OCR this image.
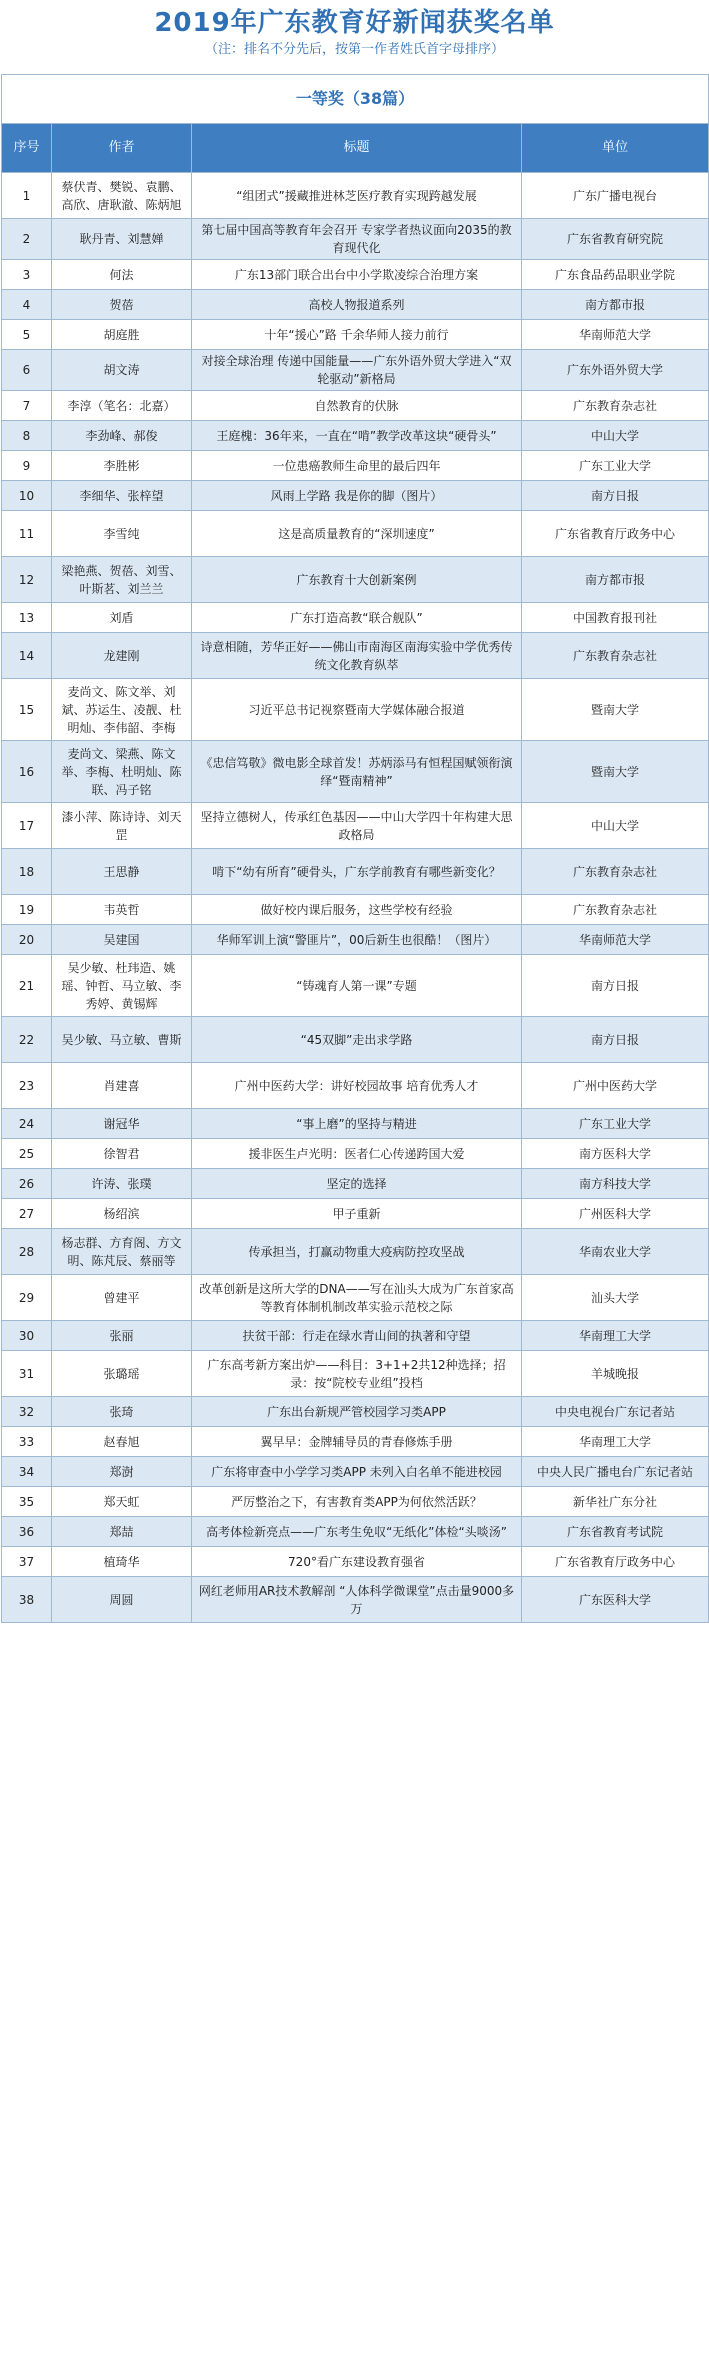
2019年广东教育好新闻获奖名单
（注：排名不分先后，按第一作者姓氏首字母排序）
一等奖（38篇）			
序号	作者	标题	单位
1	蔡伏青、樊锐、袁鹏、高欣、唐耿澈、陈炳旭	“组团式”援藏推进林芝医疗教育实现跨越发展	广东广播电视台
2	耿丹青、刘慧婵	第七届中国高等教育年会召开 专家学者热议面向2035的教育现代化	广东省教育研究院
3	何法	广东13部门联合出台中小学欺凌综合治理方案	广东食品药品职业学院
4	贺蓓	高校人物报道系列	南方都市报
5	胡庭胜	十年“援心”路 千余华师人接力前行	华南师范大学
6	胡文涛	对接全球治理 传递中国能量——广东外语外贸大学进入“双轮驱动”新格局	广东外语外贸大学
7	李淳（笔名：北嘉）	自然教育的伏脉	广东教育杂志社
8	李劲峰、郝俊	王庭槐：36年来，一直在“啃”教学改革这块“硬骨头”	中山大学
9	李胜彬	一位患癌教师生命里的最后四年	广东工业大学
10	李细华、张梓望	风雨上学路 我是你的脚（图片）	南方日报
11	李雪纯	这是高质量教育的“深圳速度”	广东省教育厅政务中心
12	梁艳燕、贺蓓、刘雪、叶斯茗、刘兰兰	广东教育十大创新案例	南方都市报
13	刘盾	广东打造高教“联合舰队”	中国教育报刊社
14	龙建刚	诗意相随，芳华正好——佛山市南海区南海实验中学优秀传统文化教育纵萃	广东教育杂志社
15	麦尚文、陈文举、刘斌、苏运生、凌靓、杜明灿、李伟韶、李梅	习近平总书记视察暨南大学媒体融合报道	暨南大学
16	麦尚文、梁燕、陈文举、李梅、杜明灿、陈联、冯子铭	《忠信笃敬》微电影全球首发！苏炳添马有恒程国赋领衔演绎“暨南精神”	暨南大学
17	漆小萍、陈诗诗、刘天罡	坚持立德树人，传承红色基因——中山大学四十年构建大思政格局	中山大学
18	王思静	啃下“幼有所育”硬骨头，广东学前教育有哪些新变化？	广东教育杂志社
19	韦英哲	做好校内课后服务，这些学校有经验	广东教育杂志社
20	吴建国	华师军训上演“警匪片”，00后新生也很酷！（图片）	华南师范大学
21	吴少敏、杜玮造、姚瑶、钟哲、马立敏、李秀婷、黄锡辉	“铸魂育人第一课”专题	南方日报
22	吴少敏、马立敏、曹斯	“45双脚”走出求学路	南方日报
23	肖建喜	广州中医药大学：讲好校园故事 培育优秀人才	广州中医药大学
24	谢冠华	“事上磨”的坚持与精进	广东工业大学
25	徐智君	援非医生卢光明：医者仁心传递跨国大爱	南方医科大学
26	许涛、张璞	坚定的选择	南方科技大学
27	杨绍滨	甲子重新	广州医科大学
28	杨志群、方育阁、方文明、陈芃辰、蔡丽等	传承担当，打赢动物重大疫病防控攻坚战	华南农业大学
29	曾建平	改革创新是这所大学的DNA——写在汕头大成为广东首家高等教育体制机制改革实验示范校之际	汕头大学
30	张丽	扶贫干部：行走在绿水青山间的执著和守望	华南理工大学
31	张璐瑶	广东高考新方案出炉——科目：3+1+2共12种选择；招录：按“院校专业组”投档	羊城晚报
32	张琦	广东出台新规严管校园学习类APP	中央电视台广东记者站
33	赵春旭	翼早早：金牌辅导员的青春修炼手册	华南理工大学
34	郑澍	广东将审查中小学学习类APP 未列入白名单不能进校园	中央人民广播电台广东记者站
35	郑天虹	严厉整治之下，有害教育类APP为何依然活跃？	新华社广东分社
36	郑喆	高考体检新亮点——广东考生免収“无纸化”体检“头啖汤”	广东省教育考试院
37	植琦华	720°看广东建设教育强省	广东省教育厅政务中心
38	周圆	网红老师用AR技术教解剖 “人体科学微课堂”点击量9000多万	广东医科大学
